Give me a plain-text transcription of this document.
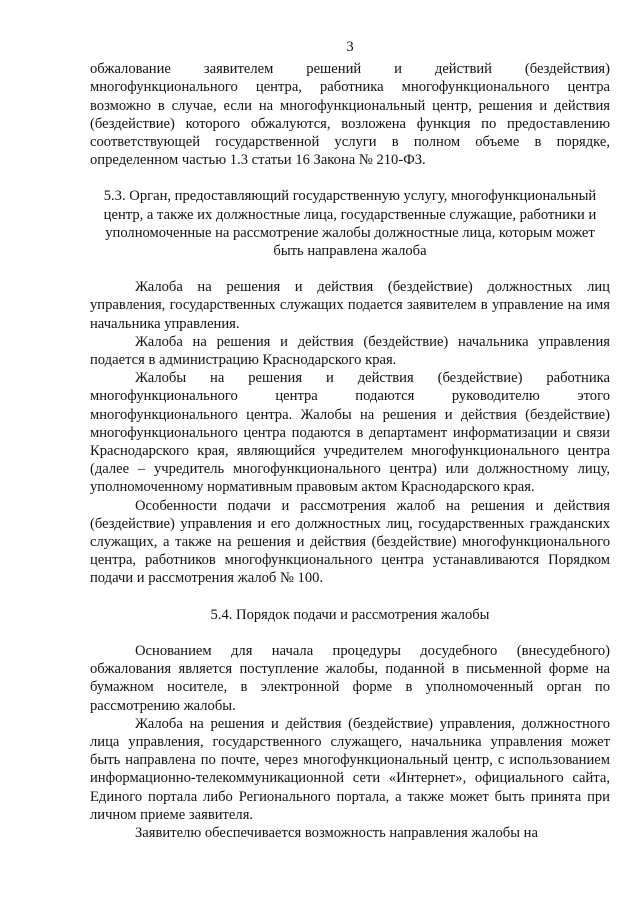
3

обжалование заявителем решений и действий (бездействия) многофункционального центра, работника многофункционального центра возможно в случае, если на многофункциональный центр, решения и действия (бездействие) которого обжалуются, возложена функция по предоставлению соответствующей государственной услуги в полном объеме в порядке, определенном частью 1.3 статьи 16 Закона № 210-ФЗ.

5.3. Орган, предоставляющий государственную услугу, многофункциональный центр, а также их должностные лица, государственные служащие, работники и уполномоченные на рассмотрение жалобы должностные лица, которым может быть направлена жалоба

Жалоба на решения и действия (бездействие) должностных лиц управления, государственных служащих подается заявителем в управление на имя начальника управления.

Жалоба на решения и действия (бездействие) начальника управления подается в администрацию Краснодарского края.

Жалобы на решения и действия (бездействие) работника многофункционального центра подаются руководителю этого многофункционального центра. Жалобы на решения и действия (бездействие) многофункционального центра подаются в департамент информатизации и связи Краснодарского края, являющийся учредителем многофункционального центра (далее – учредитель многофункционального центра) или должностному лицу, уполномоченному нормативным правовым актом Краснодарского края.

Особенности подачи и рассмотрения жалоб на решения и действия (бездействие) управления и его должностных лиц, государственных гражданских служащих, а также на решения и действия (бездействие) многофункционального центра, работников многофункционального центра устанавливаются Порядком подачи и рассмотрения жалоб № 100.

5.4. Порядок подачи и рассмотрения жалобы

Основанием для начала процедуры досудебного (внесудебного) обжалования является поступление жалобы, поданной в письменной форме на бумажном носителе, в электронной форме в уполномоченный орган по рассмотрению жалобы.

Жалоба на решения и действия (бездействие) управления, должностного лица управления, государственного служащего, начальника управления может быть направлена по почте, через многофункциональный центр, с использованием информационно-телекоммуникационной сети «Интернет», официального сайта, Единого портала либо Регионального портала, а также может быть принята при личном приеме заявителя.

Заявителю обеспечивается возможность направления жалобы на
